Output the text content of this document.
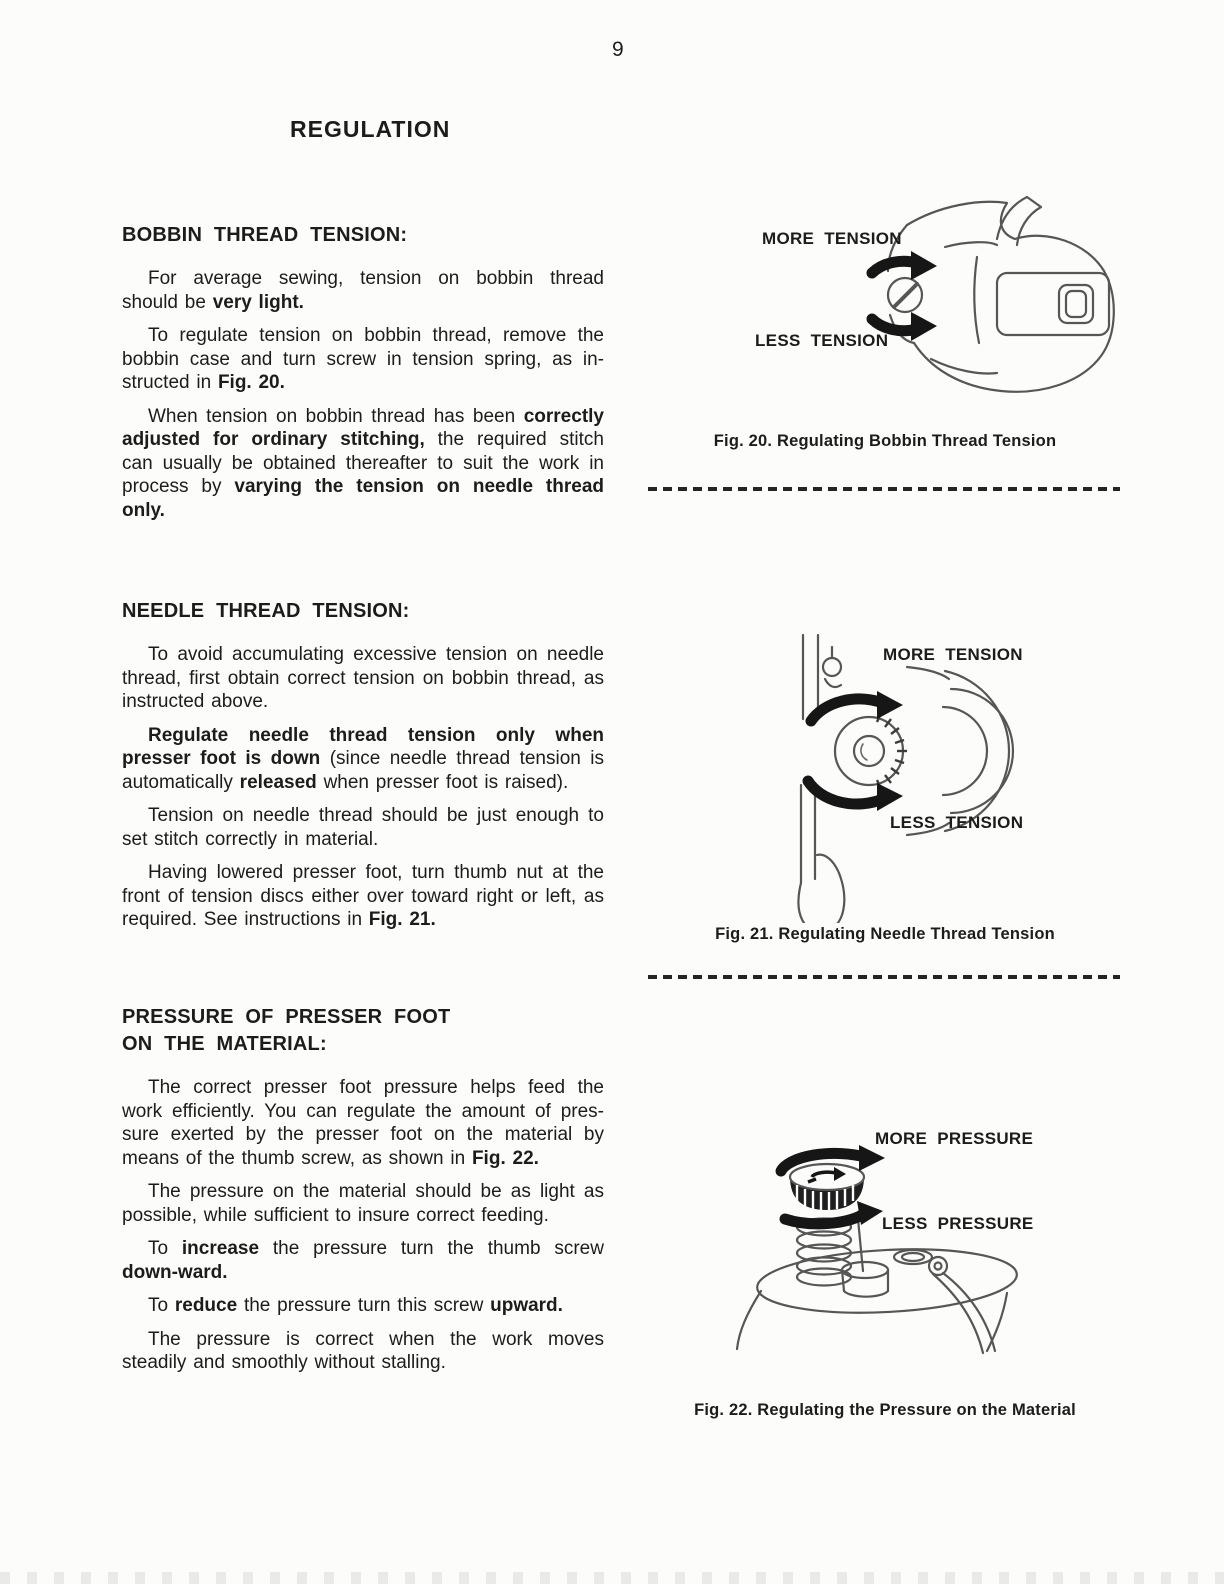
9
REGULATION
BOBBIN THREAD TENSION:

For average sewing, tension on bobbin thread should be very light.

To regulate tension on bobbin thread, remove the bobbin case and turn screw in tension spring, as in-structed in Fig. 20.

When tension on bobbin thread has been correctly adjusted for ordinary stitching, the required stitch can usually be obtained thereafter to suit the work in process by varying the tension on needle thread only.

NEEDLE THREAD TENSION:

To avoid accumulating excessive tension on needle thread, first obtain correct tension on bobbin thread, as instructed above.

Regulate needle thread tension only when presser foot is down (since needle thread tension is automatically released when presser foot is raised).

Tension on needle thread should be just enough to set stitch correctly in material.

Having lowered presser foot, turn thumb nut at the front of tension discs either over toward right or left, as required. See instructions in Fig. 21.

PRESSURE OF PRESSER FOOT
ON THE MATERIAL:

The correct presser foot pressure helps feed the work efficiently. You can regulate the amount of pres-sure exerted by the presser foot on the material by means of the thumb screw, as shown in Fig. 22.

The pressure on the material should be as light as possible, while sufficient to insure correct feeding.

To increase the pressure turn the thumb screw down-ward.

To reduce the pressure turn this screw upward.

The pressure is correct when the work moves steadily and smoothly without stalling.

MORE TENSION
LESS TENSION
Fig. 20. Regulating Bobbin Thread Tension
MORE TENSION
LESS TENSION
Fig. 21. Regulating Needle Thread Tension
MORE PRESSURE
LESS PRESSURE
Fig. 22. Regulating the Pressure on the Material
